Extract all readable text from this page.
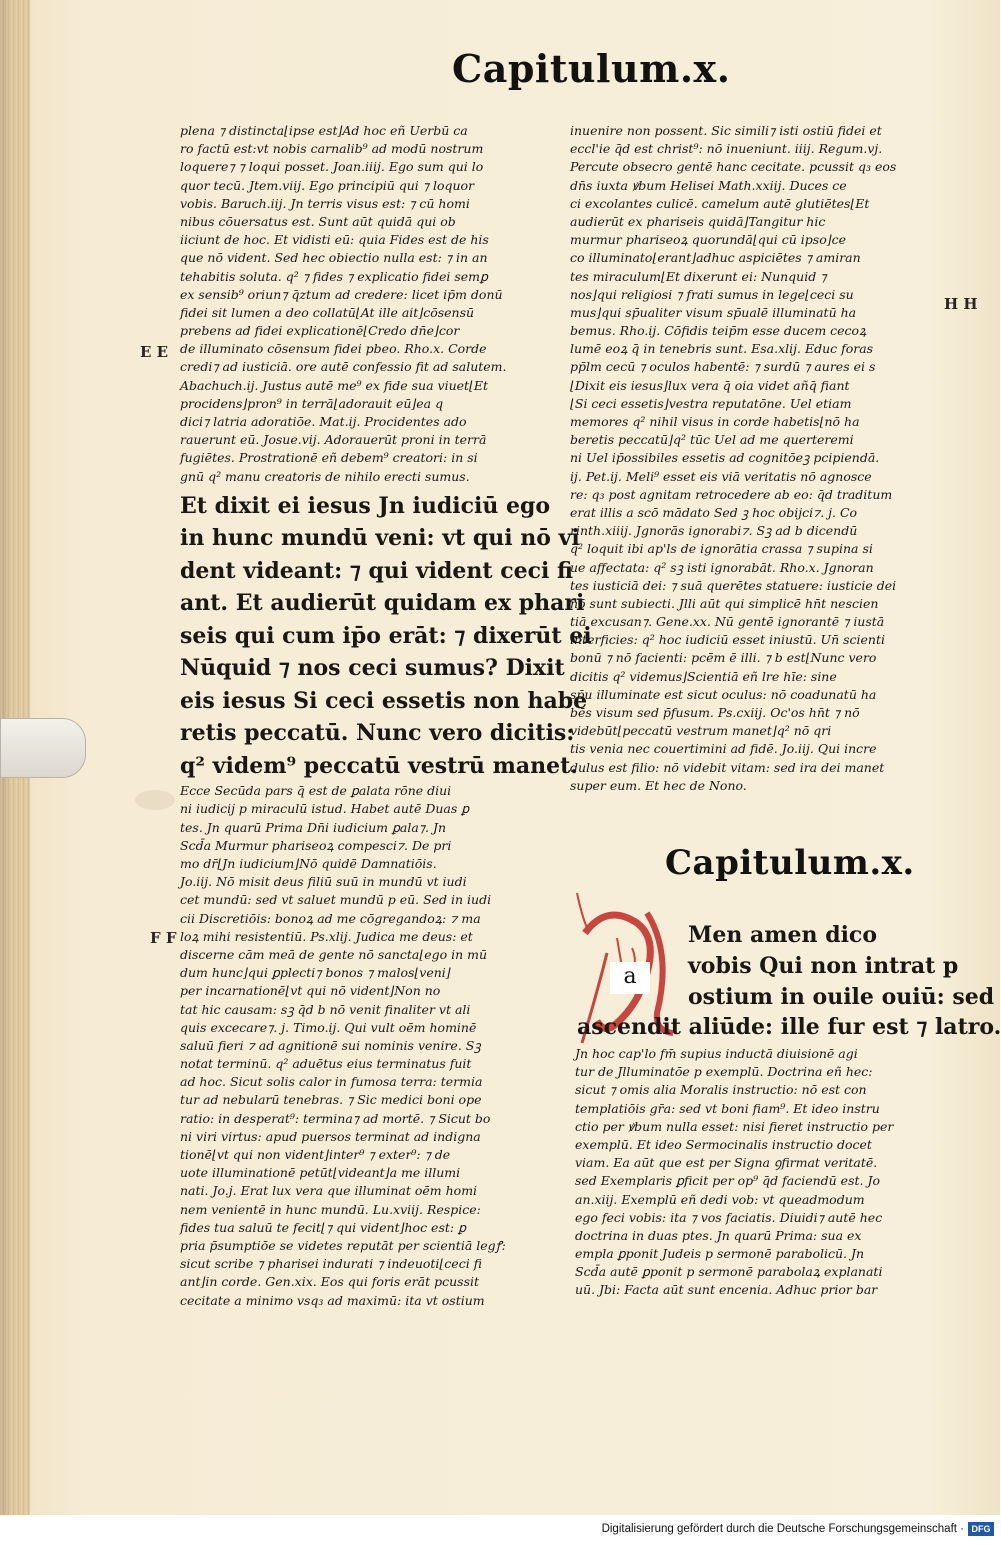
Capitulum.x.
E E
H H
F F
plena ⁊ distincta⌊ipse est⌋Ad hoc eñ Uerbū ca
ro factū est:vt nobis carnalib⁹ ad modū nostrum
loquere⁊ ⁊ loqui posset. Joan.iiij. Ego sum qui lo
quor tecū. Jtem.viij. Ego principiū qui ⁊ loquor
vobis. Baruch.iij. Jn terris visus est: ⁊ cū homi
nibus cōuersatus est. Sunt aūt quidā qui ob
iiciunt de hoc. Et vidisti eū: quia Fides est de his
que nō vident. Sed hec obiectio nulla est: ⁊ in an
tehabitis soluta. q² ⁊ fides ⁊ explicatio fidei semꝑ
ex sensib⁹ oriun⁊ q̄ztum ad credere: licet ip̄m donū
fidei sit lumen a deo collatū⌊At ille ait⌋cōsensū
prebens ad fidei explicationē⌊Credo dn̄e⌋cor
de illuminato cōsensum fidei pbeo. Rho.x. Corde
credi⁊ ad iusticiā. ore autē confessio fit ad salutem.
Abachuch.ij. Justus autē me⁹ ex fide sua viuet⌊Et
procidens⌋pron⁹ in terrā⌊adorauit eū⌋ea q
dici⁊ latria adoratiōe. Mat.ij. Procidentes ado
rauerunt eū. Josue.vij. Adorauerūt proni in terrā
fugiētes. Prostrationē eñ debem⁹ creatori: in si
gnū q² manu creatoris de nihilo erecti sumus.
Et dixit ei iesus Jn iudiciū ego
in hunc mundū veni: vt qui nō vi
dent videant: ⁊ qui vident ceci fi
ant. Et audierūt quidam ex phari
seis qui cum ip̄o erāt: ⁊ dixerūt ei
Nūquid ⁊ nos ceci sumus? Dixit
eis iesus Si ceci essetis non habe
retis peccatū. Nunc vero dicitis:
q² videm⁹ peccatū vestrū manet.
Ecce Secūda pars q̄ est de ꝑalata rōne diui
ni iudicij p miraculū istud. Habet autē Duas ꝑ
tes. Jn quarū Prima Dn̄i iudicium ꝑala⁊. Jn
Scd̄a Murmur phariseoꝝ compesci⁊. De pri
mo dr̄⌊Jn iudicium⌋Nō quidē Damnatiōis.
Jo.iij. Nō misit deus filiū suū in mundū vt iudi
cet mundū: sed vt saluet mundū p eū. Sed in iudi
cii Discretiōis: bonoꝝ ad me cōgregandoꝝ: ⁊ ma
loꝝ mihi resistentiū. Ps.xlij. Judica me deus: et
discerne cām meā de gente nō sancta⌊ego in mū
dum hunc⌋qui ꝑplecti⁊ bonos ⁊ malos⌊veni⌋
per incarnationē⌊vt qui nō vident⌋Non no
tat hic causam: sꝫ q̄d b nō venit finaliter vt ali
quis excecare⁊. j. Timo.ij. Qui vult oēm hominē
saluū fieri ⁊ ad agnitionē sui nominis venire. Sꝫ
notat terminū. q² aduētus eius terminatus fuit
ad hoc. Sicut solis calor in fumosa terra: termia
tur ad nebularū tenebras. ⁊ Sic medici boni ope
ratio: in desperat⁹: termina⁊ ad mortē. ⁊ Sicut bo
ni viri virtus: apud puersos terminat ad indigna
tionē⌊vt qui non vident⌋inter⁹ ⁊ exter⁹: ⁊ de
uote illuminationē petūt⌊videant⌋a me illumi
nati. Jo.j. Erat lux vera que illuminat oēm homi
nem venientē in hunc mundū. Lu.xviij. Respice:
fides tua saluū te fecit⌊⁊ qui vident⌋hoc est: ꝑ
pria p̄sumptiōe se videtes reputāt per scientiā legꝭ:
sicut scribe ⁊ pharisei indurati ⁊ indeuoti⌊ceci fi
ant⌋in corde. Gen.xix. Eos qui foris erāt pcussit
cecitate a minimo vsq₃ ad maximū: ita vt ostium
inuenire non possent. Sic simili⁊ isti ostiū fidei et
eccl'ie q̄d est christ⁹: nō inueniunt. iiij. Regum.vj.
Percute obsecro gentē hanc cecitate. pcussit q₃ eos
dn̄s iuxta ꝟbum Helisei Math.xxiij. Duces ce
ci excolantes culicē. camelum autē glutiētes⌊Et
audierūt ex phariseis quidā⌋Tangitur hic
murmur phariseoꝝ quorundā⌊qui cū ipso⌋ce
co illuminato⌊erant⌋adhuc aspiciētes ⁊ amiran
tes miraculum⌊Et dixerunt ei: Nunquid ⁊
nos⌋qui religiosi ⁊ frati sumus in lege⌊ceci su
mus⌋qui sp̄ualiter visum sp̄ualē illuminatū ha
bemus. Rho.ij. Cōfidis teip̄m esse ducem cecoꝝ
lumē eoꝝ q̄ in tenebris sunt. Esa.xlij. Educ foras
pp̄lm cecū ⁊ oculos habentē: ⁊ surdū ⁊ aures ei s
⌊Dixit eis iesus⌋lux vera q̄ oia videt añq̄ fiant
⌊Si ceci essetis⌋vestra reputatōne. Uel etiam
memores q² nihil visus in corde habetis⌊nō ha
beretis peccatū⌋q² tūc Uel ad me querteremi
ni Uel ip̄ossibiles essetis ad cognitōeꝫ pcipiendā.
ij. Pet.ij. Meli⁹ esset eis viā veritatis nō agnosce
re: q₃ post agnitam retrocedere ab eo: q̄d traditum
erat illis a scō mādato Sed ꝫ hoc obijci⁊. j. Co
rinth.xiiij. Jgnorās ignorabi⁊. Sꝫ ad b dicendū
q² loquit ibi ap'ls de ignorātia crassa ⁊ supina si
ue affectata: q² sꝫ isti ignorabāt. Rho.x. Jgnoran
tes iusticiā dei: ⁊ suā querētes statuere: iusticie dei
nō sunt subiecti. Jlli aūt qui simplicē hn̄t nescien
tiā excusan⁊. Gene.xx. Nū gentē ignorantē ⁊ iustā
interficies: q² hoc iudiciū esset iniustū. Un̄ scienti
bonū ⁊ nō facienti: pcēm ē illi. ⁊ b est⌊Nunc vero
dicitis q² videmus⌋Scientiā eñ lre hīe: sine
sp̄u illuminate est sicut oculus: nō coadunatū ha
bēs visum sed p̄fusum. Ps.cxiij. Oc'os hn̄t ⁊ nō
videbūt⌊peccatū vestrum manet⌋q² nō qri
tis venia nec couertimini ad fidē. Jo.iij. Qui incre
dulus est filio: nō videbit vitam: sed ira dei manet
super eum. Et hec de Nono.
Capitulum.x.
a
Men amen dico
vobis Qui non intrat p
ostium in ouile ouiū: sed
ascendit aliūde: ille fur est ⁊ latro.
Jn hoc cap'lo fm̄ supius inductā diuisionē agi
tur de Jlluminatōe p exemplū. Doctrina eñ hec:
sicut ⁊ omis alia Moralis instructio: nō est con
templatiōis gr̄a: sed vt boni fiam⁹. Et ideo instru
ctio per ꝟbum nulla esset: nisi fieret instructio per
exemplū. Et ideo Sermocinalis instructio docet
viam. Ea aūt que est per Signa ꝯfirmat veritatē.
sed Exemplaris ꝑficit per op⁹ q̄d faciendū est. Jo
an.xiij. Exemplū eñ dedi vob: vt queadmodum
ego feci vobis: ita ⁊ vos faciatis. Diuidi⁊ autē hec
doctrina in duas ptes. Jn quarū Prima: sua ex
empla ꝑponit Judeis p sermonē parabolicū. Jn
Scd̄a autē ꝑponit p sermonē parabolaꝝ explanati
uū. Jbi: Facta aūt sunt encenia. Adhuc prior bar
Digitalisierung gefördert durch die Deutsche Forschungsgemeinschaft · DFG
